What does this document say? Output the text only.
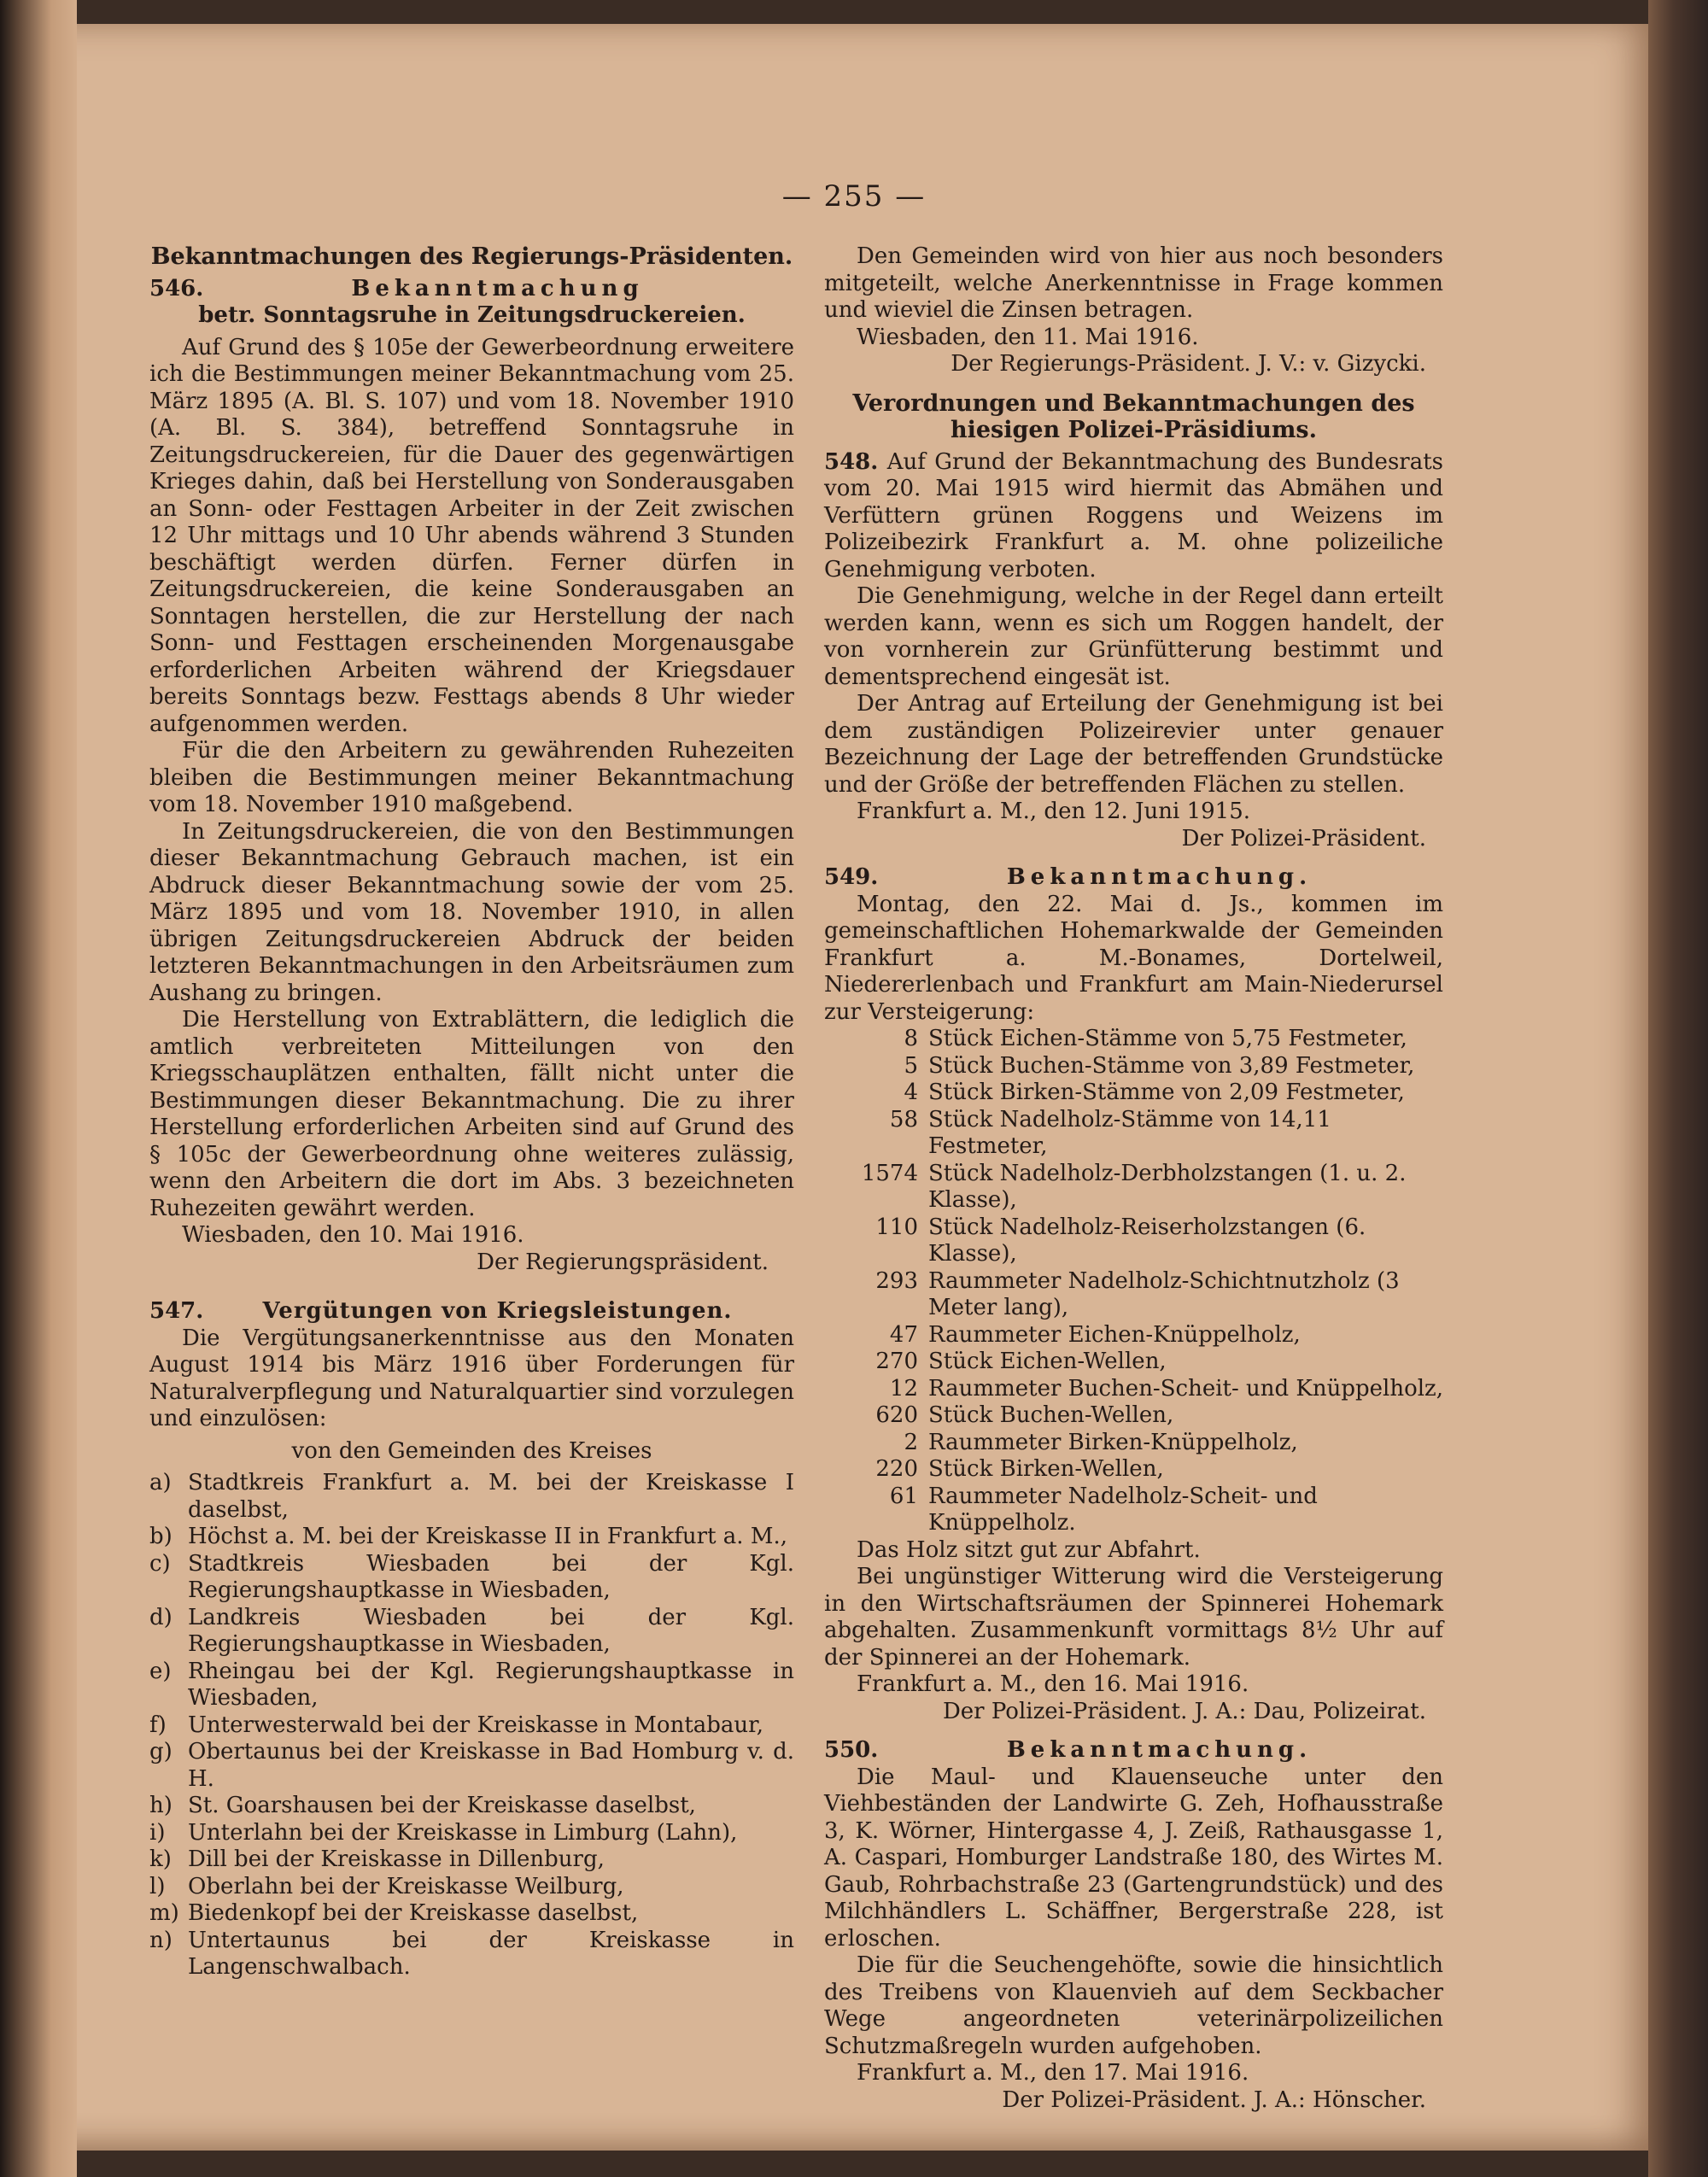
— 255 —

Bekanntmachungen des Regierungs-Präsidenten.

546.	Bekanntmachung

betr. Sonntagsruhe in Zeitungsdruckereien.

Auf Grund des § 105e der Gewerbeordnung erweitere ich die Bestimmungen meiner Bekanntmachung vom 25. März 1895 (A. Bl. S. 107) und vom 18. November 1910 (A. Bl. S. 384), betreffend Sonntagsruhe in Zeitungsdruckereien, für die Dauer des gegenwärtigen Krieges dahin, daß bei Herstellung von Sonderausgaben an Sonn- oder Festtagen Arbeiter in der Zeit zwischen 12 Uhr mittags und 10 Uhr abends während 3 Stunden beschäftigt werden dürfen. Ferner dürfen in Zeitungsdruckereien, die keine Sonderausgaben an Sonntagen herstellen, die zur Herstellung der nach Sonn- und Festtagen erscheinenden Morgenausgabe erforderlichen Arbeiten während der Kriegsdauer bereits Sonntags bezw. Festtags abends 8 Uhr wieder aufgenommen werden.

Für die den Arbeitern zu gewährenden Ruhezeiten bleiben die Bestimmungen meiner Bekanntmachung vom 18. November 1910 maßgebend.

In Zeitungsdruckereien, die von den Bestimmungen dieser Bekanntmachung Gebrauch machen, ist ein Abdruck dieser Bekanntmachung sowie der vom 25. März 1895 und vom 18. November 1910, in allen übrigen Zeitungsdruckereien Abdruck der beiden letzteren Bekanntmachungen in den Arbeitsräumen zum Aushang zu bringen.

Die Herstellung von Extrablättern, die lediglich die amtlich verbreiteten Mitteilungen von den Kriegsschauplätzen enthalten, fällt nicht unter die Bestimmungen dieser Bekanntmachung. Die zu ihrer Herstellung erforderlichen Arbeiten sind auf Grund des § 105c der Gewerbeordnung ohne weiteres zulässig, wenn den Arbeitern die dort im Abs. 3 bezeichneten Ruhezeiten gewährt werden.

Wiesbaden, den 10. Mai 1916.

Der Regierungspräsident.

547.	Vergütungen von Kriegsleistungen.

Die Vergütungsanerkenntnisse aus den Monaten August 1914 bis März 1916 über Forderungen für Naturalverpflegung und Naturalquartier sind vorzulegen und einzulösen:

von den Gemeinden des Kreises

a) Stadtkreis Frankfurt a. M. bei der Kreiskasse I daselbst,
b) Höchst a. M. bei der Kreiskasse II in Frankfurt a. M.,
c) Stadtkreis Wiesbaden bei der Kgl. Regierungshauptkasse in Wiesbaden,
d) Landkreis Wiesbaden bei der Kgl. Regierungshauptkasse in Wiesbaden,
e) Rheingau bei der Kgl. Regierungshauptkasse in Wiesbaden,
f) Unterwesterwald bei der Kreiskasse in Montabaur,
g) Obertaunus bei der Kreiskasse in Bad Homburg v. d. H.
h) St. Goarshausen bei der Kreiskasse daselbst,
i)	Unterlahn bei der Kreiskasse in Limburg (Lahn),
k) Dill bei der Kreiskasse in Dillenburg,
l)	Oberlahn bei der Kreiskasse Weilburg,
m) Biedenkopf bei der Kreiskasse daselbst,
n) Untertaunus bei der Kreiskasse in Langenschwalbach.

Den Gemeinden wird von hier aus noch besonders mitgeteilt, welche Anerkenntnisse in Frage kommen und wieviel die Zinsen betragen.

Wiesbaden, den 11. Mai 1916.

Der Regierungs-Präsident. J. V.: v. Gizycki.

Verordnungen und Bekanntmachungen des hiesigen Polizei-Präsidiums.

548. Auf Grund der Bekanntmachung des Bundesrats vom 20. Mai 1915 wird hiermit das Abmähen und Verfüttern grünen Roggens und Weizens im Polizeibezirk Frankfurt a. M. ohne polizeiliche Genehmigung verboten.

Die Genehmigung, welche in der Regel dann erteilt werden kann, wenn es sich um Roggen handelt, der von vornherein zur Grünfütterung bestimmt und dementsprechend eingesät ist.

Der Antrag auf Erteilung der Genehmigung ist bei dem zuständigen Polizeirevier unter genauer Bezeichnung der Lage der betreffenden Grundstücke und der Größe der betreffenden Flächen zu stellen.

Frankfurt a. M., den 12. Juni 1915.

Der Polizei-Präsident.

549.	Bekanntmachung.

Montag, den 22. Mai d. Js., kommen im gemeinschaftlichen Hohemarkwalde der Gemeinden Frankfurt a. M.-Bonames, Dortelweil, Niedererlenbach und Frankfurt am Main-Niederursel zur Versteigerung:

8 Stück Eichen-Stämme von 5,75 Festmeter,
5 Stück Buchen-Stämme von 3,89 Festmeter,
4 Stück Birken-Stämme von 2,09 Festmeter,
58 Stück Nadelholz-Stämme von 14,11 Festmeter,
1574 Stück Nadelholz-Derbholzstangen (1. u. 2. Klasse),
110 Stück Nadelholz-Reiserholzstangen (6. Klasse),
293 Raummeter Nadelholz-Schichtnutzholz (3 Meter lang),
47 Raummeter Eichen-Knüppelholz,
270 Stück Eichen-Wellen,
12 Raummeter Buchen-Scheit- und Knüppelholz,
620 Stück Buchen-Wellen,
2 Raummeter Birken-Knüppelholz,
220 Stück Birken-Wellen,
61 Raummeter Nadelholz-Scheit- und Knüppelholz.

Das Holz sitzt gut zur Abfahrt.

Bei ungünstiger Witterung wird die Versteigerung in den Wirtschaftsräumen der Spinnerei Hohemark abgehalten. Zusammenkunft vormittags 8½ Uhr auf der Spinnerei an der Hohemark.

Frankfurt a. M., den 16. Mai 1916.

Der Polizei-Präsident. J. A.: Dau, Polizeirat.

550.	Bekanntmachung.

Die Maul- und Klauenseuche unter den Viehbeständen der Landwirte G. Zeh, Hofhausstraße 3, K. Wörner, Hintergasse 4, J. Zeiß, Rathausgasse 1, A. Caspari, Homburger Landstraße 180, des Wirtes M. Gaub, Rohrbachstraße 23 (Gartengrundstück) und des Milchhändlers L. Schäffner, Bergerstraße 228, ist erloschen.

Die für die Seuchengehöfte, sowie die hinsichtlich des Treibens von Klauenvieh auf dem Seckbacher Wege angeordneten veterinärpolizeilichen Schutzmaßregeln wurden aufgehoben.

Frankfurt a. M., den 17. Mai 1916.

Der Polizei-Präsident. J. A.: Hönscher.
